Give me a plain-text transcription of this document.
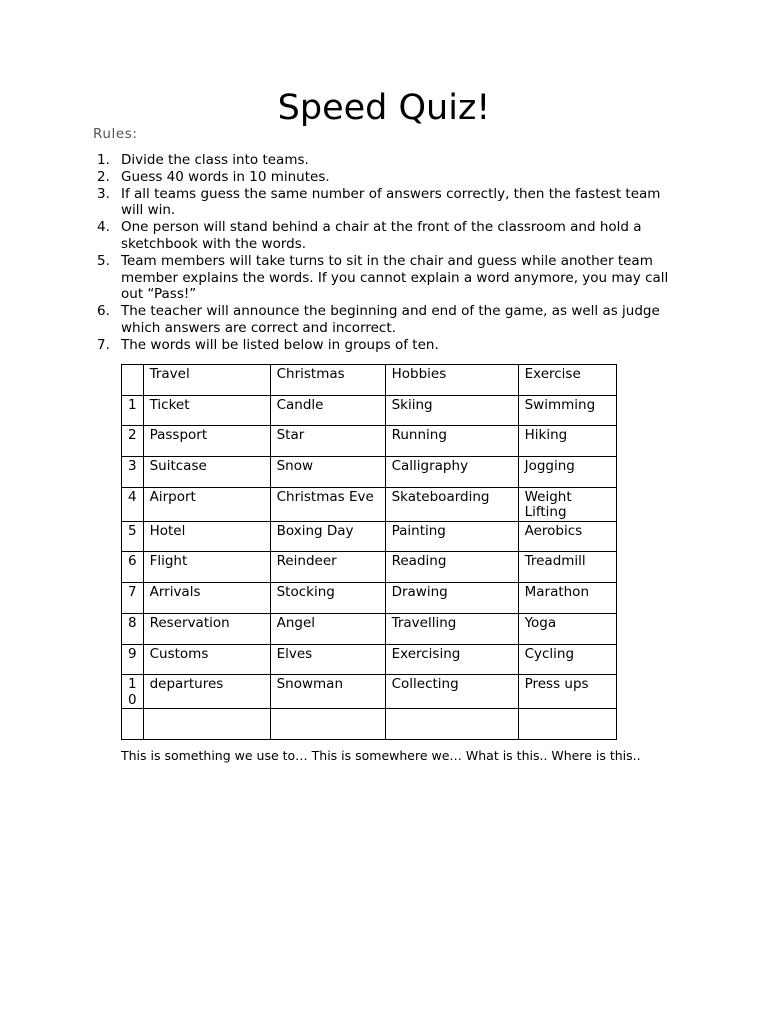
Speed Quiz!
Rules:
1. Divide the class into teams.
2. Guess 40 words in 10 minutes.
3. If all teams guess the same number of answers correctly, then the fastest team will win.
4. One person will stand behind a chair at the front of the classroom and hold a sketchbook with the words.
5. Team members will take turns to sit in the chair and guess while another team member explains the words. If you cannot explain a word anymore, you may call out “Pass!”
6. The teacher will announce the beginning and end of the game, as well as judge which answers are correct and incorrect.
7. The words will be listed below in groups of ten.
	Travel	Christmas	Hobbies	Exercise
1	Ticket	Candle	Skiing	Swimming
2	Passport	Star	Running	Hiking
3	Suitcase	Snow	Calligraphy	Jogging
4	Airport	Christmas Eve	Skateboarding	Weight Lifting
5	Hotel	Boxing Day	Painting	Aerobics
6	Flight	Reindeer	Reading	Treadmill
7	Arrivals	Stocking	Drawing	Marathon
8	Reservation	Angel	Travelling	Yoga
9	Customs	Elves	Exercising	Cycling
10	departures	Snowman	Collecting	Press ups

This is something we use to… This is somewhere we… What is this.. Where is this..
